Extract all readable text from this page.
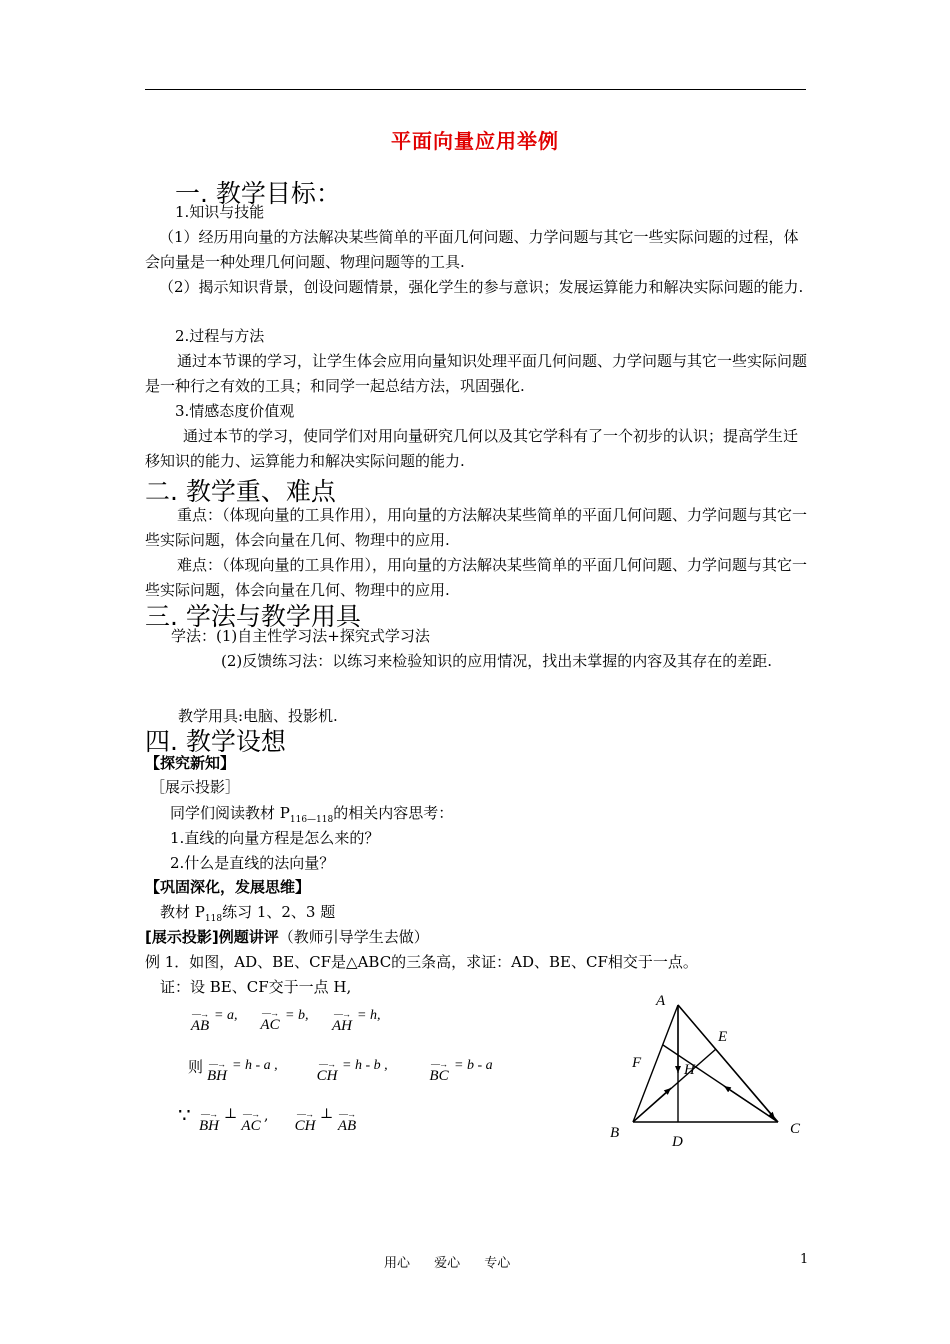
平面向量应用举例
一. 教学目标：
1.知识与技能
（1）经历用向量的方法解决某些简单的平面几何问题、力学问题与其它一些实际问题的过程，体会向量是一种处理几何问题、物理问题等的工具.
（2）揭示知识背景，创设问题情景，强化学生的参与意识；发展运算能力和解决实际问题的能力.
2.过程与方法
通过本节课的学习，让学生体会应用向量知识处理平面几何问题、力学问题与其它一些实际问题是一种行之有效的工具；和同学一起总结方法，巩固强化.
3.情感态度价值观
通过本节的学习，使同学们对用向量研究几何以及其它学科有了一个初步的认识；提高学生迁移知识的能力、运算能力和解决实际问题的能力.
二. 教学重、难点
重点：（体现向量的工具作用），用向量的方法解决某些简单的平面几何问题、力学问题与其它一些实际问题，体会向量在几何、物理中的应用.
难点：（体现向量的工具作用），用向量的方法解决某些简单的平面几何问题、力学问题与其它一些实际问题，体会向量在几何、物理中的应用.
三. 学法与教学用具
学法：(1)自主性学习法+探究式学习法
(2)反馈练习法：以练习来检验知识的应用情况，找出未掌握的内容及其存在的差距.
教学用具:电脑、投影机.
四. 教学设想
【探究新知】
［展示投影］
同学们阅读教材 $P_{116—118}$的相关内容思考：
1.直线的向量方程是怎么来的？
2.什么是直线的法向量？
【巩固深化，发展思维】
教材 $P_{118}$练习 1、2、3 题
[展示投影]例题讲评（教师引导学生去做）
例 1．如图，AD、BE、CF是△ABC的三条高，求证：AD、BE、CF相交于一点。
证：设 BE、CF交于一点 H,
—→
AB
= a,	—→
AC
= b,	—→
AH
= h,
则 —→
BH
= h - a ,	—→
CH
= h - b ,	—→
BC
= b - a
∵	—→
BH
⊥ —→
AC
,	—→
CH
⊥ —→
AB
A
B	C
D
E
F	H
用心 爱心 专心	1
